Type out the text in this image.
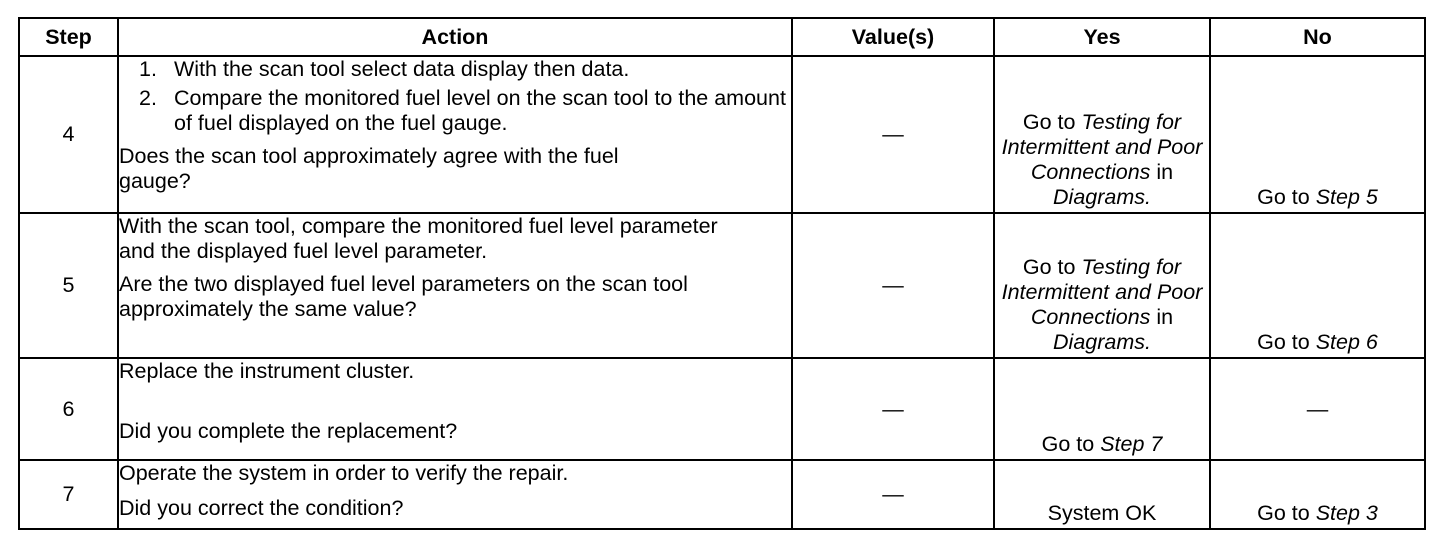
Step	Action	Value(s)	Yes	No
4	1. With the scan tool select data display then data.
2. Compare the monitored fuel level on the scan tool to the amount of fuel displayed on the fuel gauge.
Does the scan tool approximately agree with the fuel gauge?	—	Go to Testing for Intermittent and Poor Connections in Diagrams.	Go to Step 5

5	With the scan tool, compare the monitored fuel level parameter and the displayed fuel level parameter.
Are the two displayed fuel level parameters on the scan tool approximately the same value?	—	Go to Testing for Intermittent and Poor Connections in Diagrams.	Go to Step 6

6	Replace the instrument cluster.
Did you complete the replacement?	—	Go to Step 7	—
7	Operate the system in order to verify the repair.
Did you correct the condition?	—	System OK	Go to Step 3
